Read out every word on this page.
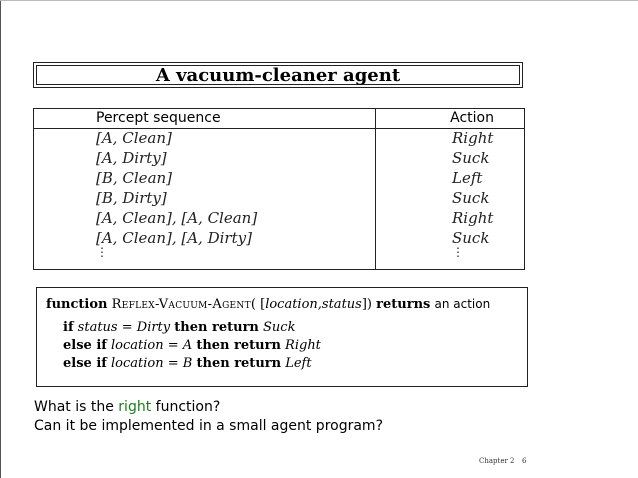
A vacuum-cleaner agent
Percept sequence	Action
[A, Clean]	Right
[A, Dirty]	Suck
[B, Clean]	Left
[B, Dirty]	Suck
[A, Clean], [A, Clean]	Right
[A, Clean], [A, Dirty]	Suck
⋮	⋮
function Reflex-Vacuum-Agent( [location,status]) returns an action
if status = Dirty then return Suck
else if location = A then return Right
else if location = B then return Left
What is the right function?
Can it be implemented in a small agent program?
Chapter 2 6
